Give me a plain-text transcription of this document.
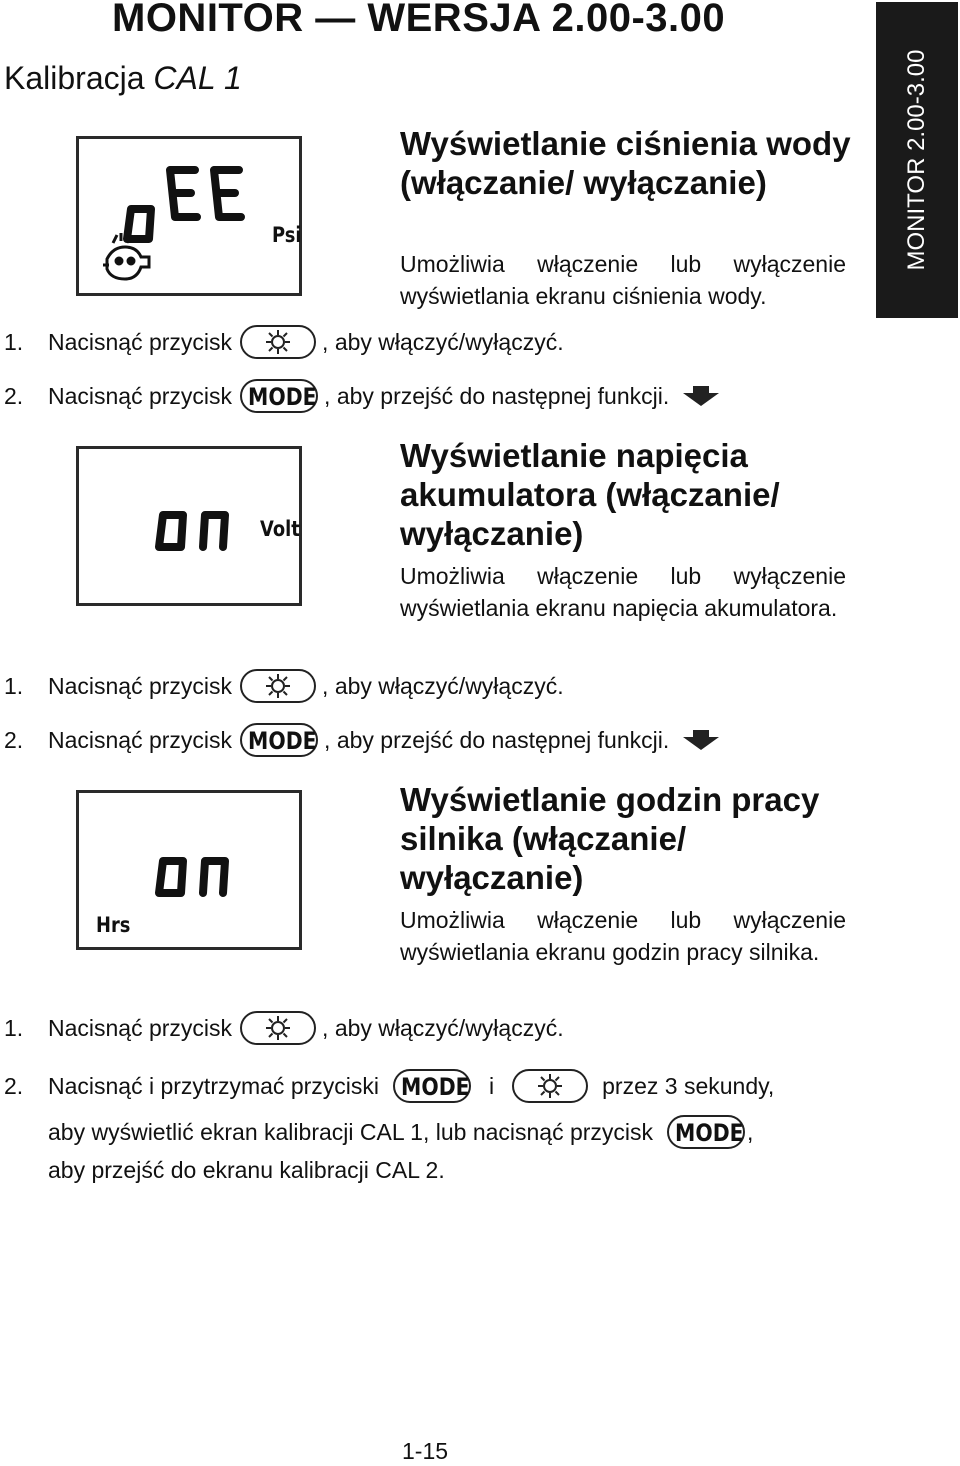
MONITOR — WERSJA 2.00-3.00
Kalibracja CAL 1	MONITOR 2.00-3.00
Psi
Wyświetlanie ciśnienia wody (włączanie/ wyłączanie)
Umożliwia włączenie lub wyłączenie wyświetlania ekranu ciśnienia wody.
1. Nacisnąć przycisk	, aby włączyć/wyłączyć.
2. Nacisnąć przycisk MODE , aby przejść do następnej funkcji.
Volt
Wyświetlanie napięcia akumulatora (włączanie/ wyłączanie)
Umożliwia włączenie lub wyłączenie wyświetlania ekranu napięcia akumulatora.
1. Nacisnąć przycisk	, aby włączyć/wyłączyć.
2. Nacisnąć przycisk MODE , aby przejść do następnej funkcji.
Hrs
Wyświetlanie godzin pracy silnika (włączanie/ wyłączanie)
Umożliwia włączenie lub wyłączenie wyświetlania ekranu godzin pracy silnika.
1. Nacisnąć przycisk	, aby włączyć/wyłączyć.
2. Nacisnąć i przytrzymać przyciski MODE i	przez 3 sekundy,
aby wyświetlić ekran kalibracji CAL 1, lub nacisnąć przycisk MODE ,
aby przejść do ekranu kalibracji CAL 2.
1-15
